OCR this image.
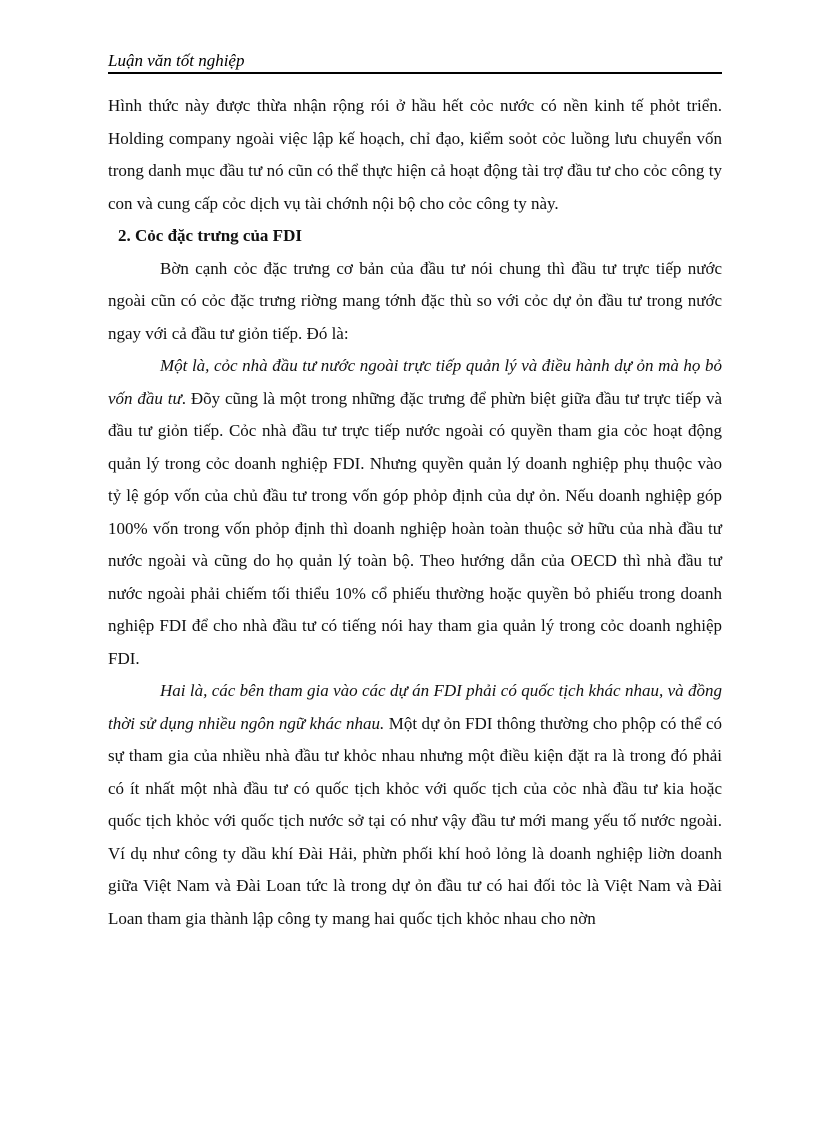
Luận văn tốt nghiệp

Hình thức này được thừa nhận rộng rói ở hầu hết cỏc nước có nền kinh tế phỏt triển. Holding company ngoài việc lập kế hoạch, chỉ đạo, kiểm soỏt cỏc luồng lưu chuyển vốn trong danh mục đầu tư nó cũn có thể thực hiện cả hoạt động tài trợ đầu tư cho cỏc công ty con và cung cấp cỏc dịch vụ tài chớnh nội bộ cho cỏc công ty này.

2. Cỏc đặc trưng của FDI

Bờn cạnh cỏc đặc trưng cơ bản của đầu tư nói chung thì đầu tư trực tiếp nước ngoài cũn có cỏc đặc trưng riờng mang tớnh đặc thù so với cỏc dự ỏn đầu tư trong nước ngay với cả đầu tư giỏn tiếp. Đó là:

Một là, cỏc nhà đầu tư nước ngoài trực tiếp quản lý và điều hành dự ỏn mà họ bỏ vốn đầu tư. Đõy cũng là một trong những đặc trưng để phừn biệt giữa đầu tư trực tiếp và đầu tư giỏn tiếp. Cỏc nhà đầu tư trực tiếp nước ngoài có quyền tham gia cỏc hoạt động quản lý trong cỏc doanh nghiệp FDI. Nhưng quyền quản lý doanh nghiệp phụ thuộc vào tỷ lệ góp vốn của chủ đầu tư trong vốn góp phỏp định của dự ỏn. Nếu doanh nghiệp góp 100% vốn trong vốn phỏp định thì doanh nghiệp hoàn toàn thuộc sở hữu của nhà đầu tư nước ngoài và cũng do họ quản lý toàn bộ. Theo hướng dẫn của OECD thì nhà đầu tư nước ngoài phải chiếm tối thiểu 10% cổ phiếu thường hoặc quyền bỏ phiếu trong doanh nghiệp FDI để cho nhà đầu tư có tiếng nói hay tham gia quản lý trong cỏc doanh nghiệp FDI.

Hai là, các bên tham gia vào các dự án FDI phải có quốc tịch khác nhau, và đồng thời sử dụng nhiều ngôn ngữ khác nhau. Một dự ỏn FDI thông thường cho phộp có thể có sự tham gia của nhiều nhà đầu tư khỏc nhau nhưng một điều kiện đặt ra là trong đó phải có ít nhất một nhà đầu tư có quốc tịch khỏc với quốc tịch của cỏc nhà đầu tư kia hoặc quốc tịch khỏc với quốc tịch nước sở tại có như vậy đầu tư mới mang yếu tố nước ngoài. Ví dụ như công ty dầu khí Đài Hải, phừn phối khí hoỏ lỏng là doanh nghiệp liờn doanh giữa Việt Nam và Đài Loan tức là trong dự ỏn đầu tư có hai đối tỏc là Việt Nam và Đài Loan tham gia thành lập công ty mang hai quốc tịch khỏc nhau cho nờn
